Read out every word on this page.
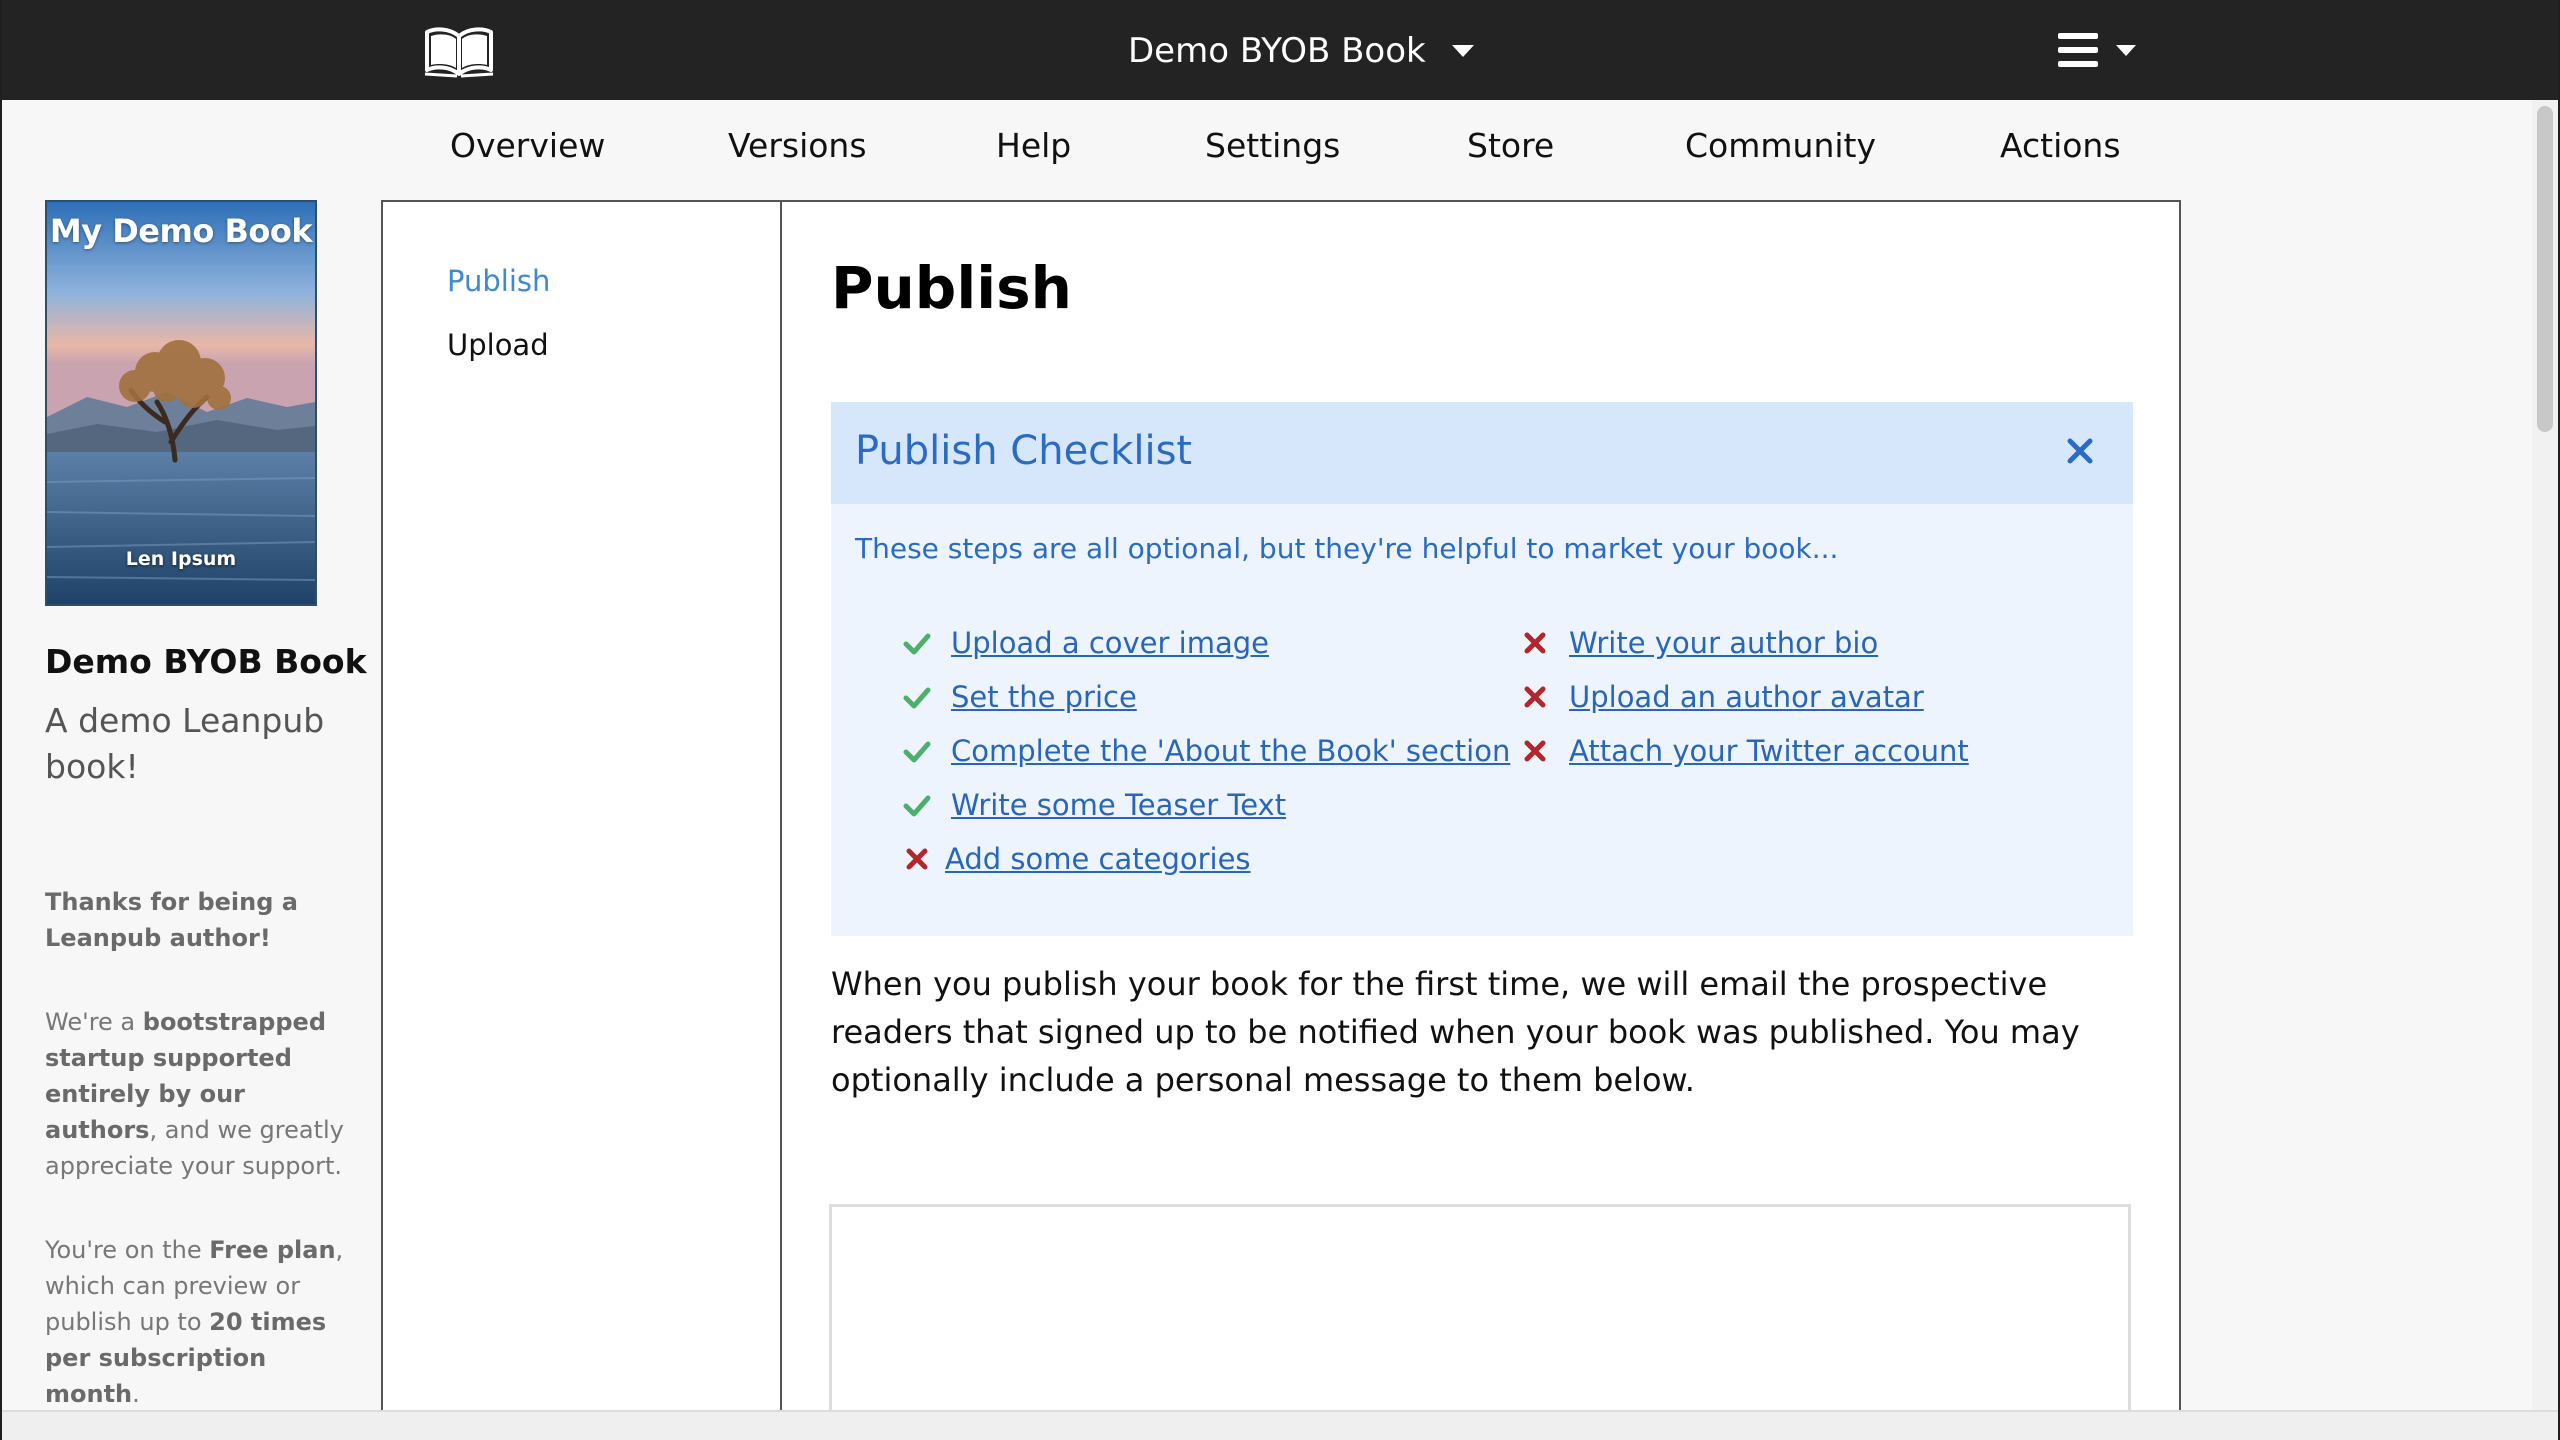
Demo BYOB Book
Overview	Versions	Help	Settings	Store	Community	Actions
My Demo Book
Len Ipsum
Demo BYOB Book
A demo Leanpub book!
Thanks for being a Leanpub author!
We're a bootstrapped startup supported entirely by our authors, and we greatly appreciate your support.
You're on the Free plan, which can preview or publish up to 20 times per subscription month.
Publish
Upload
Publish
Publish Checklist
These steps are all optional, but they're helpful to market your book...
Upload a cover image
Set the price
Complete the 'About the Book' section
Write some Teaser Text
Add some categories
Write your author bio
Upload an author avatar
Attach your Twitter account

When you publish your book for the first time, we will email the prospective readers that signed up to be notified when your book was published. You may optionally include a personal message to them below.
